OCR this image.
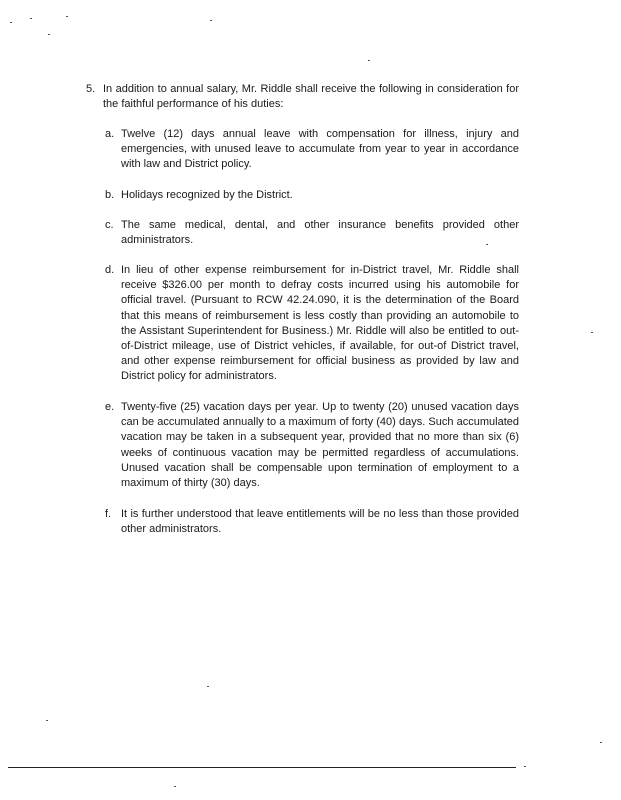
5. In addition to annual salary, Mr. Riddle shall receive the following in consideration for the faithful performance of his duties:
a. Twelve (12) days annual leave with compensation for illness, injury and emergencies, with unused leave to accumulate from year to year in accordance with law and District policy.
b. Holidays recognized by the District.
c. The same medical, dental, and other insurance benefits provided other administrators.
d. In lieu of other expense reimbursement for in-District travel, Mr. Riddle shall receive $326.00 per month to defray costs incurred using his automobile for official travel. (Pursuant to RCW 42.24.090, it is the determination of the Board that this means of reimbursement is less costly than providing an automobile to the Assistant Superintendent for Business.) Mr. Riddle will also be entitled to out-of-District mileage, use of District vehicles, if available, for out-of District travel, and other expense reimbursement for official business as provided by law and District policy for administrators.
e. Twenty-five (25) vacation days per year. Up to twenty (20) unused vacation days can be accumulated annually to a maximum of forty (40) days. Such accumulated vacation may be taken in a subsequent year, provided that no more than six (6) weeks of continuous vacation may be permitted regardless of accumulations. Unused vacation shall be compensable upon termination of employment to a maximum of thirty (30) days.
f. It is further understood that leave entitlements will be no less than those provided other administrators.
